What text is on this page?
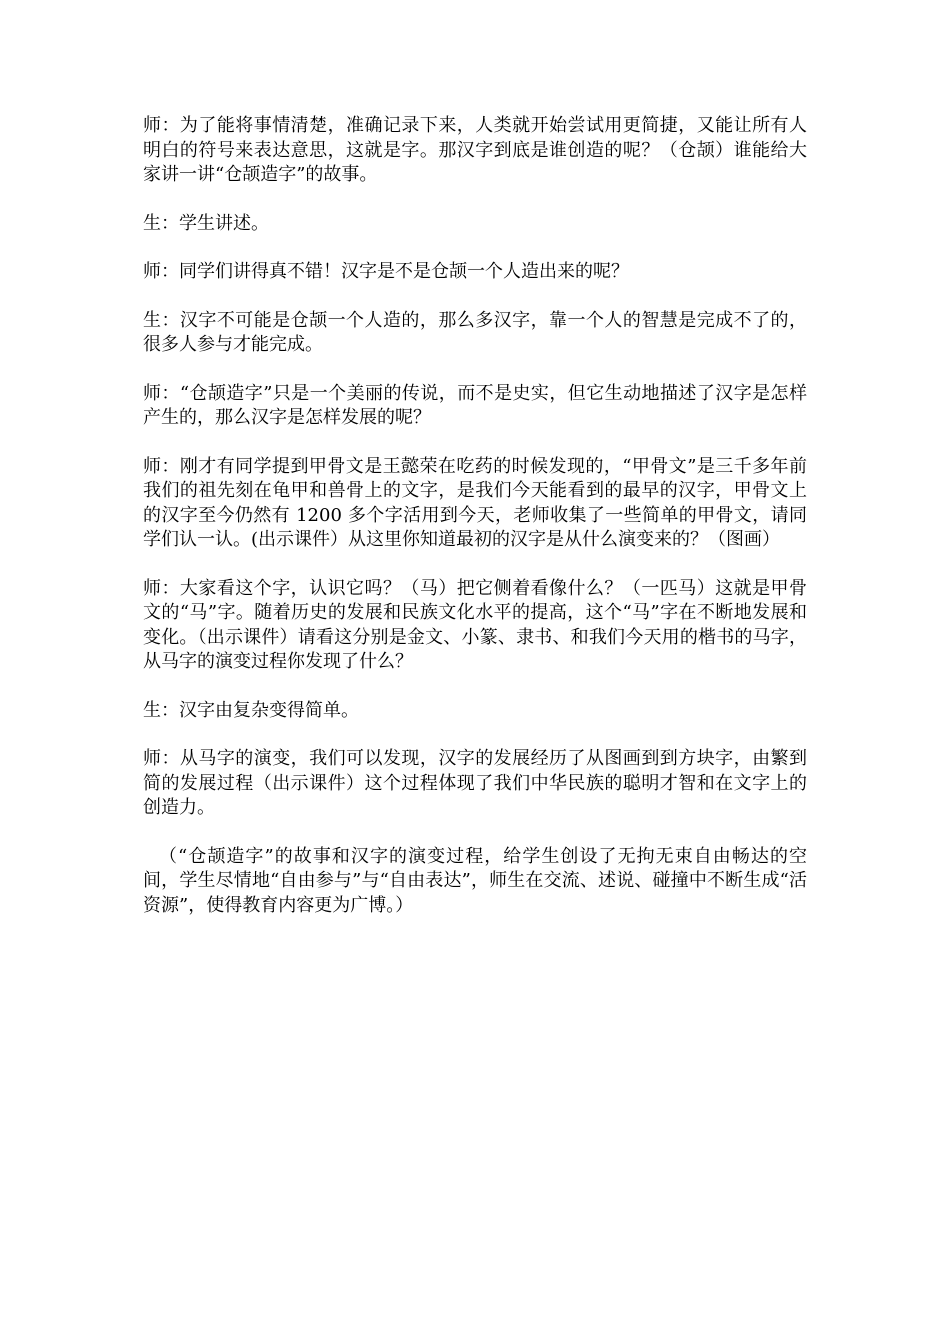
师：为了能将事情清楚，准确记录下来，人类就开始尝试用更简捷，又能让所有人明白的符号来表达意思，这就是字。那汉字到底是谁创造的呢？（仓颉）谁能给大家讲一讲“仓颉造字”的故事。

生：学生讲述。

师：同学们讲得真不错！汉字是不是仓颉一个人造出来的呢？

生：汉字不可能是仓颉一个人造的，那么多汉字，靠一个人的智慧是完成不了的，很多人参与才能完成。

师：“仓颉造字”只是一个美丽的传说，而不是史实，但它生动地描述了汉字是怎样产生的，那么汉字是怎样发展的呢？

师：刚才有同学提到甲骨文是王懿荣在吃药的时候发现的，“甲骨文”是三千多年前我们的祖先刻在龟甲和兽骨上的文字，是我们今天能看到的最早的汉字，甲骨文上的汉字至今仍然有 1200 多个字活用到今天，老师收集了一些简单的甲骨文，请同学们认一认。(出示课件）从这里你知道最初的汉字是从什么演变来的？（图画）

师：大家看这个字，认识它吗？（马）把它侧着看像什么？（一匹马）这就是甲骨文的“马”字。随着历史的发展和民族文化水平的提高，这个“马”字在不断地发展和变化。（出示课件）请看这分别是金文、小篆、隶书、和我们今天用的楷书的马字，从马字的演变过程你发现了什么？

生：汉字由复杂变得简单。

师：从马字的演变，我们可以发现，汉字的发展经历了从图画到到方块字，由繁到简的发展过程（出示课件）这个过程体现了我们中华民族的聪明才智和在文字上的创造力。

（“仓颉造字”的故事和汉字的演变过程，给学生创设了无拘无束自由畅达的空间，学生尽情地“自由参与”与“自由表达”，师生在交流、述说、碰撞中不断生成“活资源”，使得教育内容更为广博。）
